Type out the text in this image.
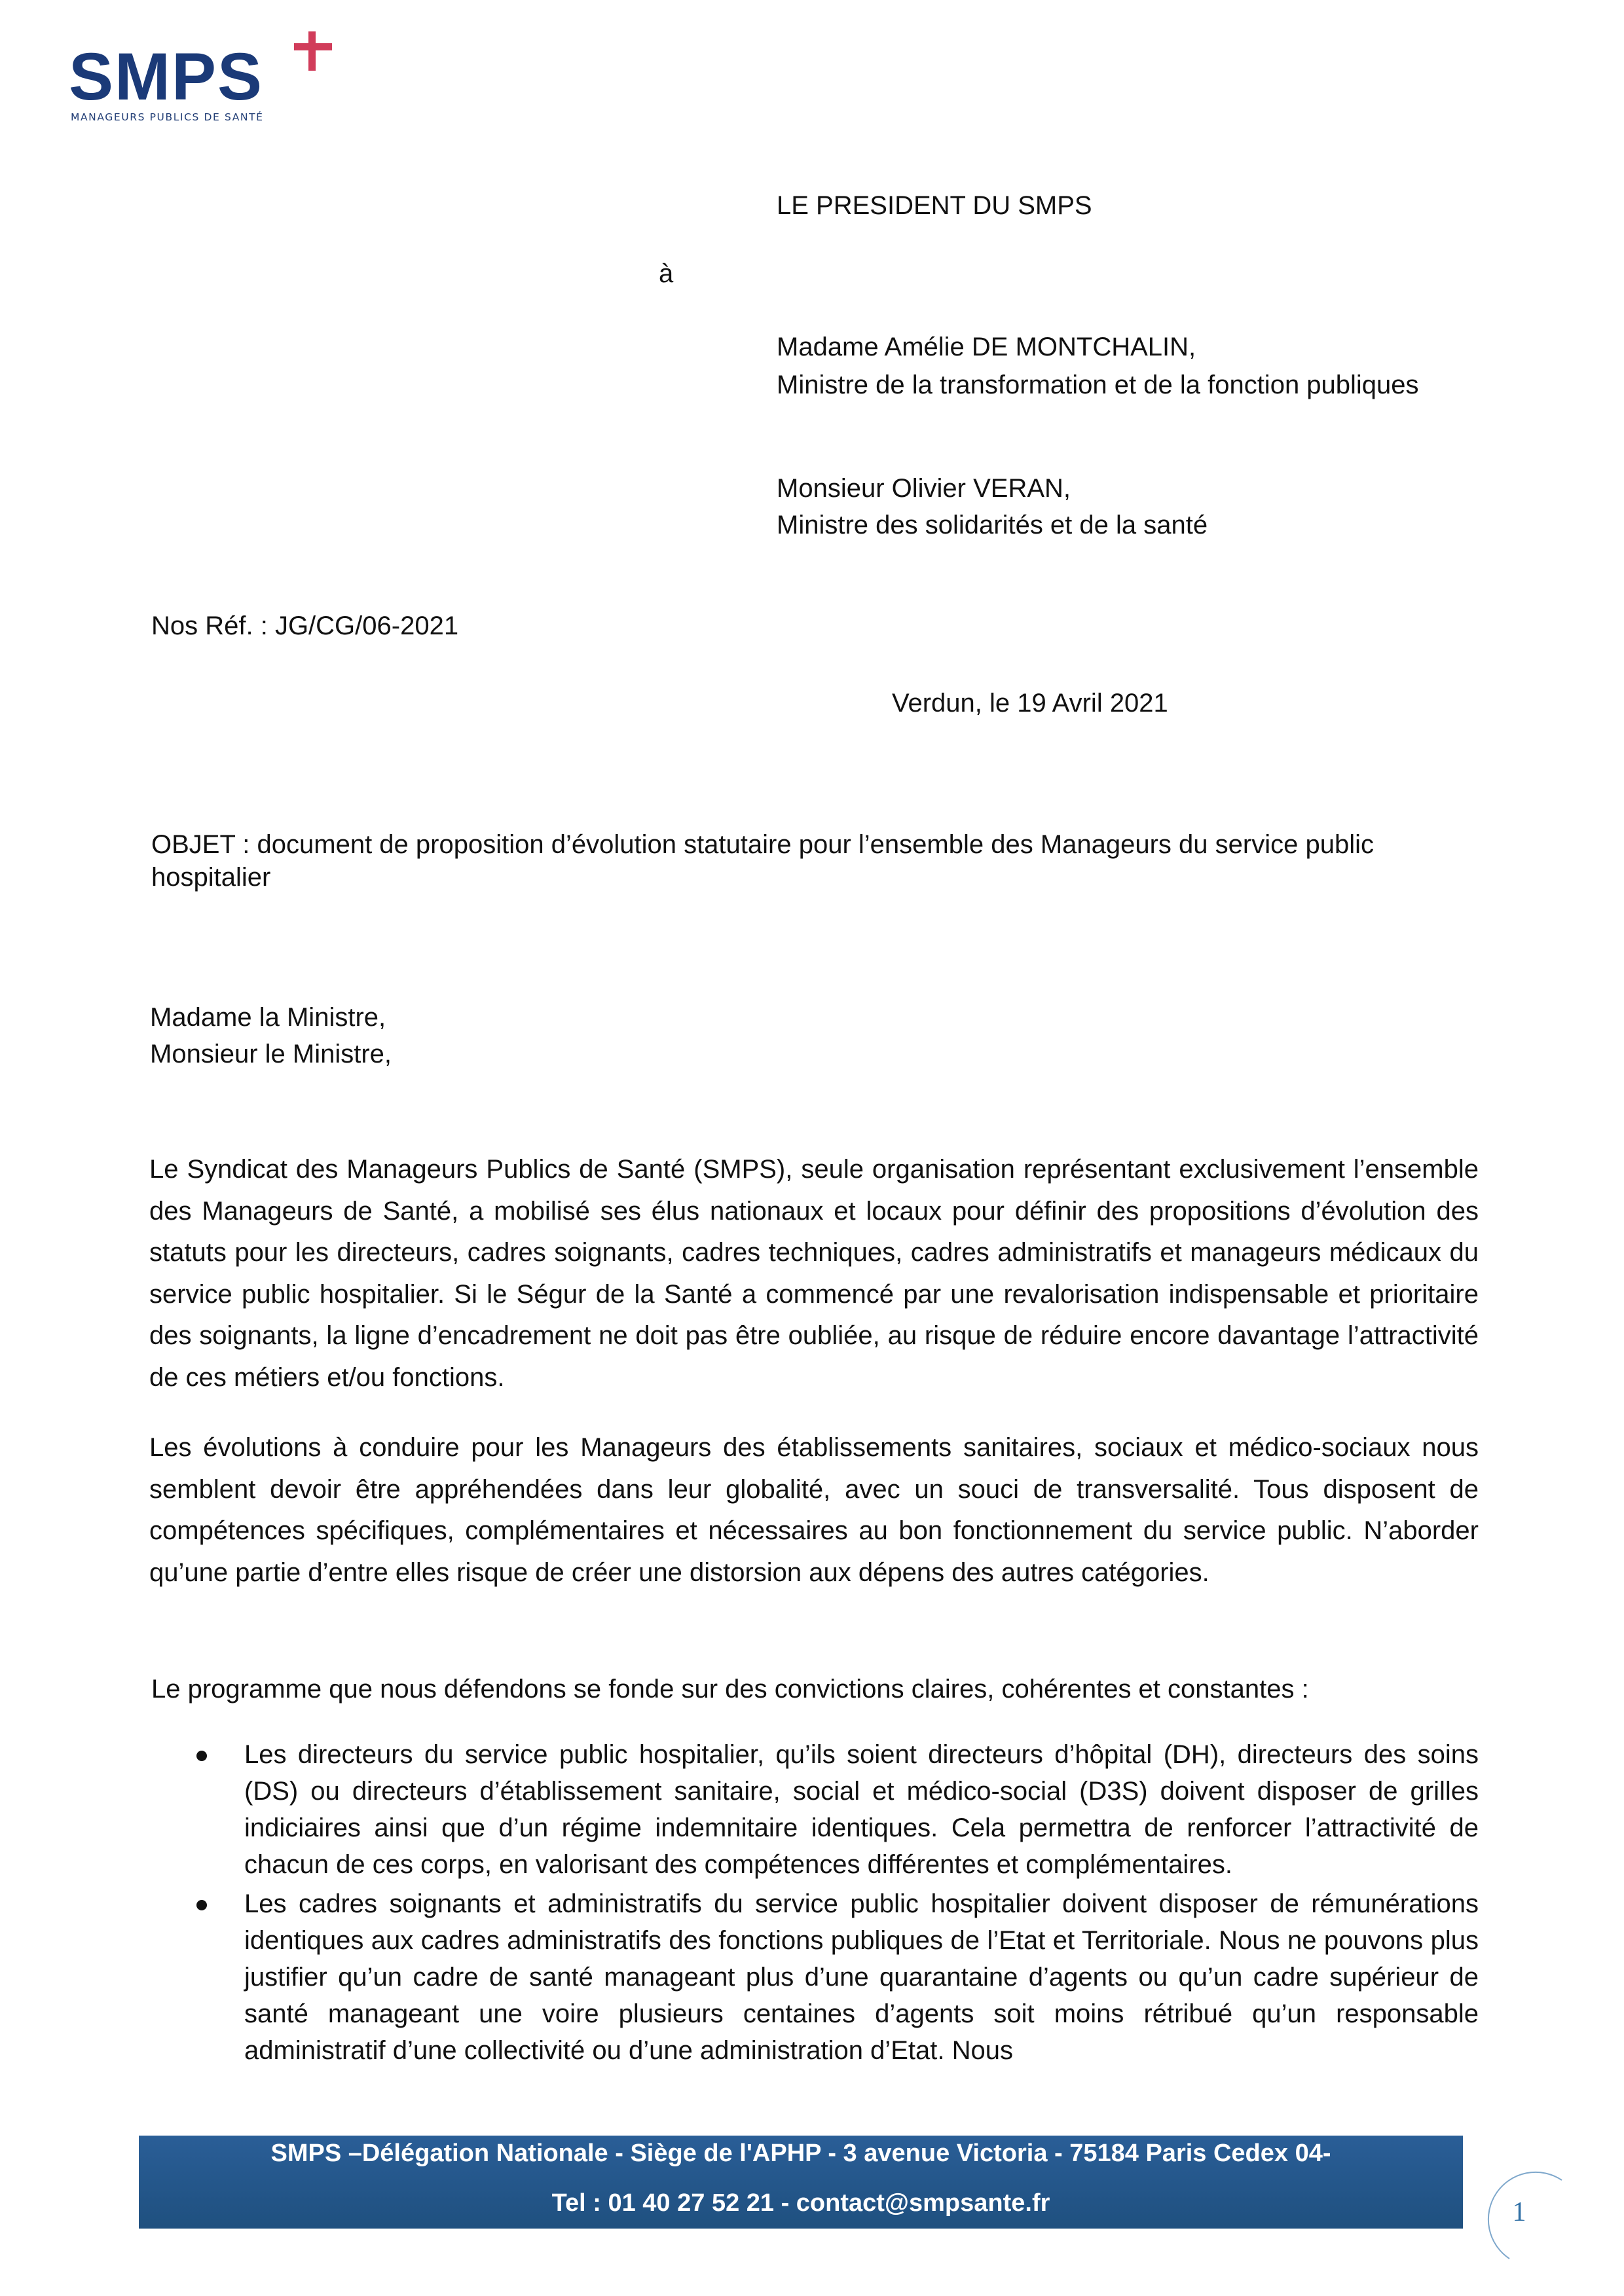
SMPS
MANAGEURS PUBLICS DE SANTÉ
LE PRESIDENT DU SMPS
à
Madame Amélie DE MONTCHALIN,
Ministre de la transformation et de la fonction publiques
Monsieur Olivier VERAN,
Ministre des solidarités et de la santé
Nos Réf. : JG/CG/06-2021
Verdun, le 19 Avril 2021
OBJET : document de proposition d’évolution statutaire pour l’ensemble des Manageurs du service public
hospitalier
Madame la Ministre,
Monsieur le Ministre,
Le Syndicat des Manageurs Publics de Santé (SMPS), seule organisation représentant exclusivement l’ensemble des Manageurs de Santé, a mobilisé ses élus nationaux et locaux pour définir des propositions d’évolution des statuts pour les directeurs, cadres soignants, cadres techniques, cadres administratifs et manageurs médicaux du service public hospitalier. Si le Ségur de la Santé a commencé par une revalorisation indispensable et prioritaire des soignants, la ligne d’encadrement ne doit pas être oubliée, au risque de réduire encore davantage l’attractivité de ces métiers et/ou fonctions.
Les évolutions à conduire pour les Manageurs des établissements sanitaires, sociaux et médico-sociaux nous semblent devoir être appréhendées dans leur globalité, avec un souci de transversalité. Tous disposent de compétences spécifiques, complémentaires et nécessaires au bon fonctionnement du service public. N’aborder qu’une partie d’entre elles risque de créer une distorsion aux dépens des autres catégories.
Le programme que nous défendons se fonde sur des convictions claires, cohérentes et constantes :
Les directeurs du service public hospitalier, qu’ils soient directeurs d’hôpital (DH), directeurs des soins (DS) ou directeurs d’établissement sanitaire, social et médico-social (D3S) doivent disposer de grilles indiciaires ainsi que d’un régime indemnitaire identiques. Cela permettra de renforcer l’attractivité de chacun de ces corps, en valorisant des compétences différentes et complémentaires.
Les cadres soignants et administratifs du service public hospitalier doivent disposer de rémunérations identiques aux cadres administratifs des fonctions publiques de l’Etat et Territoriale. Nous ne pouvons plus justifier qu’un cadre de santé manageant plus d’une quarantaine d’agents ou qu’un cadre supérieur de santé manageant une voire plusieurs centaines d’agents soit moins rétribué qu’un responsable administratif d’une collectivité ou d’une administration d’Etat. Nous
SMPS –Délégation Nationale - Siège de l'APHP - 3 avenue Victoria - 75184 Paris Cedex 04-
Tel : 01 40 27 52 21 - contact@smpsante.fr	1
